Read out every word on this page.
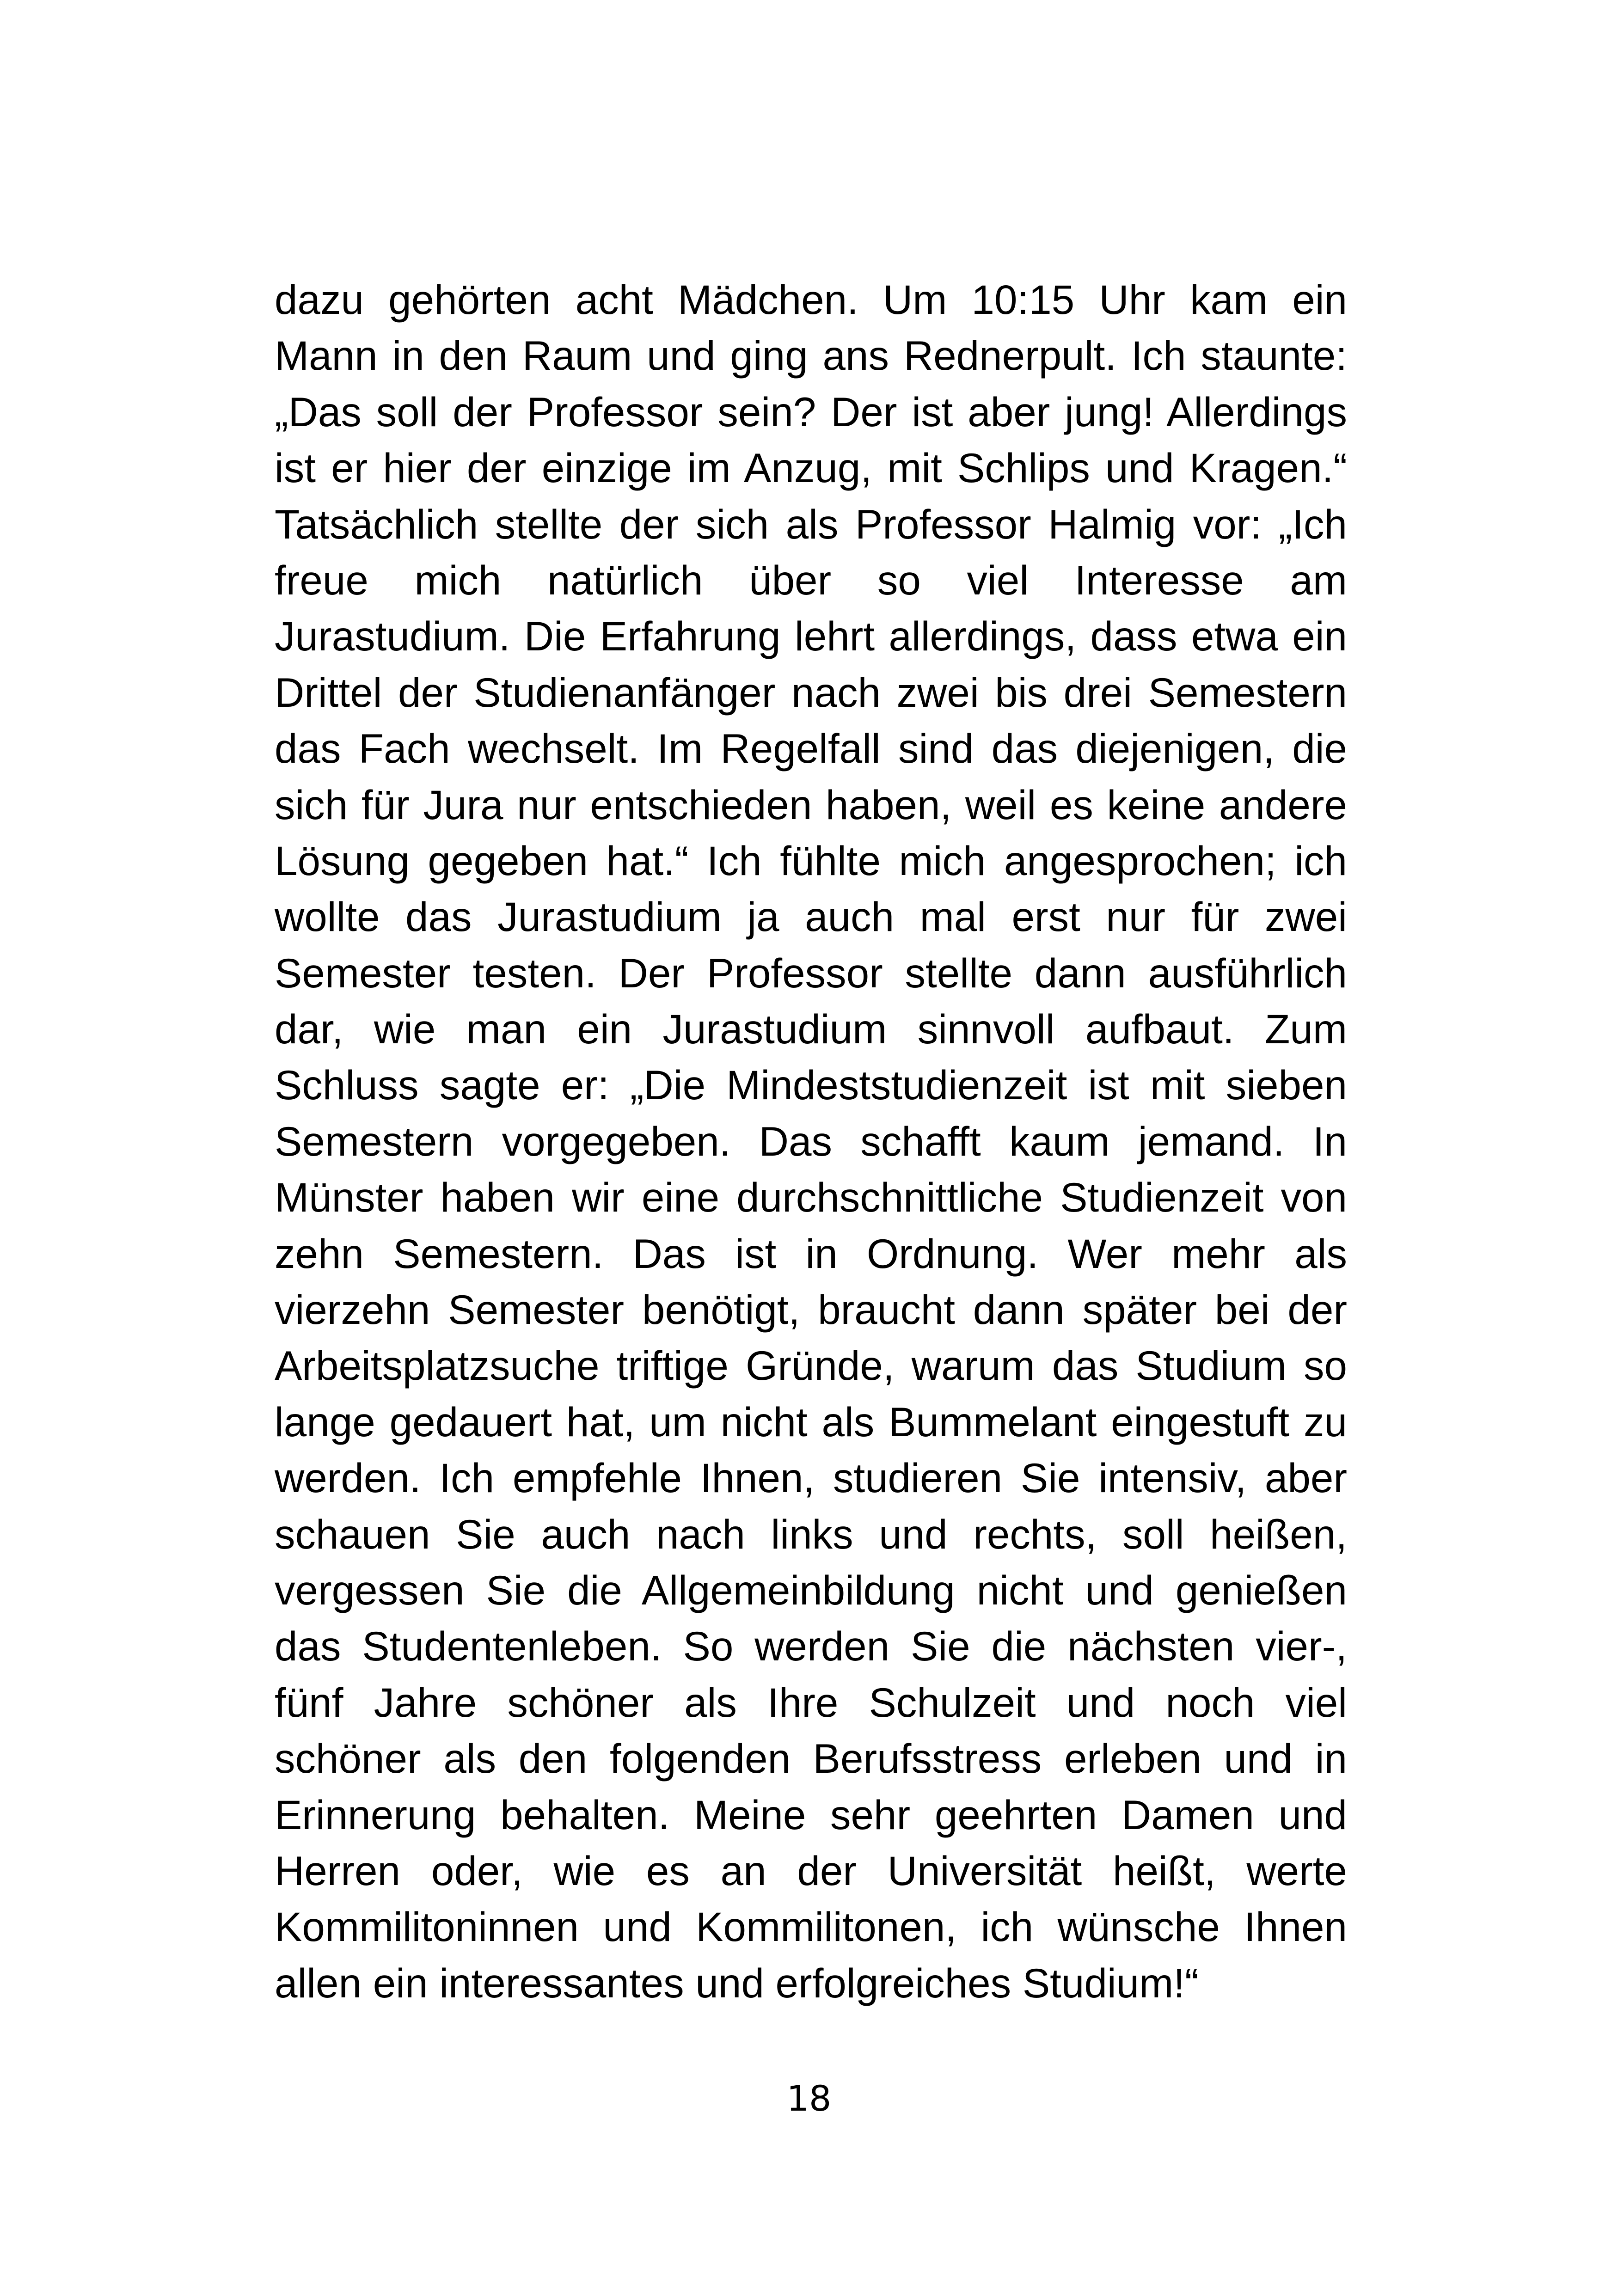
dazu gehörten acht Mädchen. Um 10:15 Uhr kam ein
Mann in den Raum und ging ans Rednerpult. Ich staunte:
„Das soll der Professor sein? Der ist aber jung! Allerdings
ist er hier der einzige im Anzug, mit Schlips und Kragen.“
Tatsächlich stellte der sich als Professor Halmig vor: „Ich
freue mich natürlich über so viel Interesse am
Jurastudium. Die Erfahrung lehrt allerdings, dass etwa ein
Drittel der Studienanfänger nach zwei bis drei Semestern
das Fach wechselt. Im Regelfall sind das diejenigen, die
sich für Jura nur entschieden haben, weil es keine andere
Lösung gegeben hat.“ Ich fühlte mich angesprochen; ich
wollte das Jurastudium ja auch mal erst nur für zwei
Semester testen. Der Professor stellte dann ausführlich
dar, wie man ein Jurastudium sinnvoll aufbaut. Zum
Schluss sagte er: „Die Mindeststudienzeit ist mit sieben
Semestern vorgegeben. Das schafft kaum jemand. In
Münster haben wir eine durchschnittliche Studienzeit von
zehn Semestern. Das ist in Ordnung. Wer mehr als
vierzehn Semester benötigt, braucht dann später bei der
Arbeitsplatzsuche triftige Gründe, warum das Studium so
lange gedauert hat, um nicht als Bummelant eingestuft zu
werden. Ich empfehle Ihnen, studieren Sie intensiv, aber
schauen Sie auch nach links und rechts, soll heißen,
vergessen Sie die Allgemeinbildung nicht und genießen
das Studentenleben. So werden Sie die nächsten vier-,
fünf Jahre schöner als Ihre Schulzeit und noch viel
schöner als den folgenden Berufsstress erleben und in
Erinnerung behalten. Meine sehr geehrten Damen und
Herren oder, wie es an der Universität heißt, werte
Kommilitoninnen und Kommilitonen, ich wünsche Ihnen
allen ein interessantes und erfolgreiches Studium!“
18
